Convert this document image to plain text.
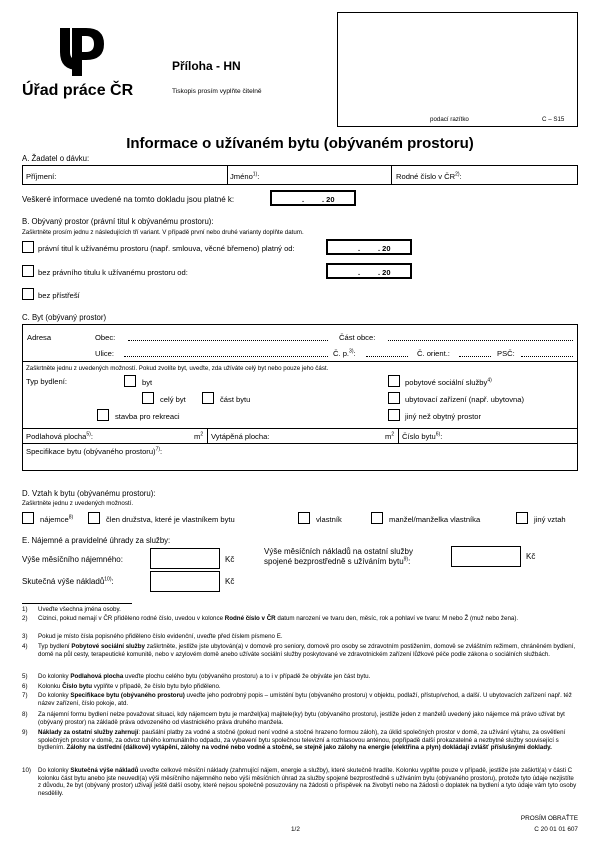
Úřad práce ČR
Příloha - HN
Tiskopis prosím vyplňte čitelně
podací razítko	C – S15
Informace o užívaném bytu (obývaném prostoru)
A. Žadatel o dávku:
Příjmení:	Jméno$^{1)}$:	Rodné číslo v ČR$^{2)}$:
Veškeré informace uvedené na tomto dokladu jsou platné k:	. . 20
B. Obývaný prostor (právní titul k obývanému prostoru):
Zaškrtněte prosím jednu z následujících tří variant. V případě první nebo druhé varianty doplňte datum.
právní titul k užívanému prostoru (např. smlouva, věcné břemeno) platný od:	. . 20
bez právního titulu k užívanému prostoru od:	. . 20
bez přístřeší
C. Byt (obývaný prostor)
Adresa	Obec:	Část obce:
Ulice:	Č. p.$^{3)}$:	Č. orient.:	PSČ:
Zaškrtněte jednu z uvedených možností. Pokud zvolíte byt, uveďte, zda užíváte celý byt nebo pouze jeho část.
Typ bydlení:	byt
celý byt	část bytu
stavba pro rekreaci
pobytové sociální služby$^{4)}$
ubytovací zařízení (např. ubytovna)
jiný než obytný prostor
Podlahová plocha$^{5)}$:	$m^2$ Vytápěná plocha:	$m^2$ Číslo bytu$^{6)}$:
Specifikace bytu (obývaného prostoru)$^{7)}$:
D. Vztah k bytu (obývanému prostoru):
Zaškrtněte jednu z uvedených možností.
nájemce$^{8)}$	člen družstva, které je vlastníkem bytu	vlastník	manžel/manželka vlastníka	jiný vztah
E. Nájemné a pravidelné úhrady za služby:
Výše měsíčního nájemného:	Kč
Výše měsíčních nákladů na ostatní služby
spojené bezprostředně s užíváním bytu$^{9)}$:
Kč
Skutečná výše nákladů$^{10)}$:	Kč
1) Uveďte všechna jména osoby.
2) Cizinci, pokud nemají v ČR přiděleno rodné číslo, uvedou v kolonce Rodné číslo v ČR datum narození ve tvaru den, měsíc, rok a pohlaví ve tvaru: M nebo Ž (muž nebo žena).
3) Pokud je místo čísla popisného přiděleno číslo evidenční, uveďte před číslem písmeno E.
4) Typ bydlení Pobytové sociální služby zaškrtněte, jestliže jste ubytován(a) v domově pro seniory, domově pro osoby se zdravotním postižením, domově se zvláštním režimem, chráněném bydlení, domě na půl cesty, terapeutické komunitě, nebo v azylovém domě anebo užíváte sociální služby poskytované ve zdravotnickém zařízení lůžkové péče podle zákona o sociálních službách.
5) Do kolonky Podlahová plocha uveďte plochu celého bytu (obývaného prostoru) a to i v případě že obýváte jen část bytu.
6) Kolonku Číslo bytu vyplňte v případě, že číslo bytu bylo přiděleno.
7) Do kolonky Specifikace bytu (obývaného prostoru) uveďte jeho podrobný popis – umístění bytu (obývaného prostoru) v objektu, podlaží, přístup/vchod, a další. U ubytovacích zařízení např. též název zařízení, číslo pokoje, atd.
8) Za nájemní formu bydlení nelze považovat situaci, kdy nájemcem bytu je manžel(ka) majitele(ky) bytu (obývaného prostoru), jestliže jeden z manželů uvedený jako nájemce má právo užívat byt (obývaný prostor) na základě práva odvozeného od vlastnického práva druhého manžela.
9) Náklady za ostatní služby zahrnují: paušální platby za vodné a stočné (pokud není vodné a stočné hrazeno formou záloh), za úklid společných prostor v domě, za užívání výtahu, za osvětlení společných prostor v domě, za odvoz tuhého komunálního odpadu, za vybavení bytu společnou televizní a rozhlasovou anténou, popřípadě další prokazatelné a nezbytné služby související s bydlením. Zálohy na ústřední (dálkové) vytápění, zálohy na vodné nebo vodné a stočné, se stejně jako zálohy na energie (elektřina a plyn) dokládají zvlášť příslušnými doklady.
10) Do kolonky Skutečná výše nákladů uveďte celkové měsíční náklady (zahrnující nájem, energie a služby), které skutečně hradíte. Kolonku vyplňte pouze v případě, jestliže jste zaškrtl(a) v části C kolonku část bytu anebo jste neuvedl(a) výši měsíčního nájemného nebo výši měsíčních úhrad za služby spojené bezprostředně s užíváním bytu (obývaného prostoru), protože tyto údaje nezjistíte z důvodu, že byt (obývaný prostor) užívají ještě další osoby, které nejsou společně posuzovány na žádosti o příspěvek na živobytí nebo na žádosti o doplatek na bydlení a tyto údaje vám tyto osoby nesdělily.
1/2
PROSÍM OBRAŤTE
C 20 01 01 607
